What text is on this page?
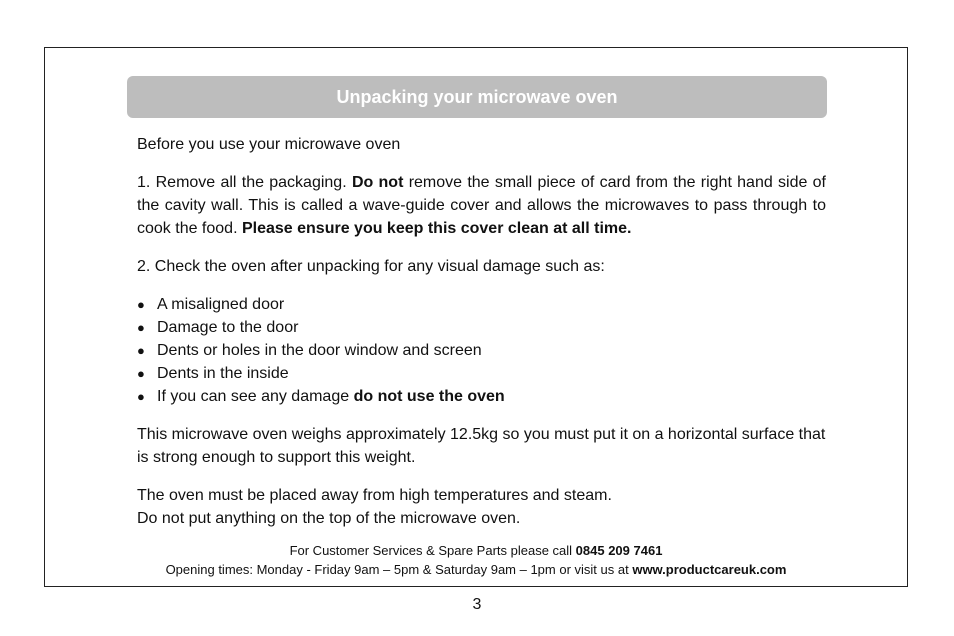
Unpacking your microwave oven

Before you use your microwave oven

1. Remove all the packaging. Do not remove the small piece of card from the right hand side of the cavity wall. This is called a wave-guide cover and allows the microwaves to pass through to cook the food. Please ensure you keep this cover clean at all time.

2. Check the oven after unpacking for any visual damage such as:

● A misaligned door
● Damage to the door
● Dents or holes in the door window and screen
● Dents in the inside
● If you can see any damage do not use the oven

This microwave oven weighs approximately 12.5kg so you must put it on a horizontal surface that is strong enough to support this weight.

The oven must be placed away from high temperatures and steam.
Do not put anything on the top of the microwave oven.

For Customer Services & Spare Parts please call 0845 209 7461
Opening times: Monday - Friday 9am – 5pm & Saturday 9am – 1pm or visit us at www.productcareuk.com
3
